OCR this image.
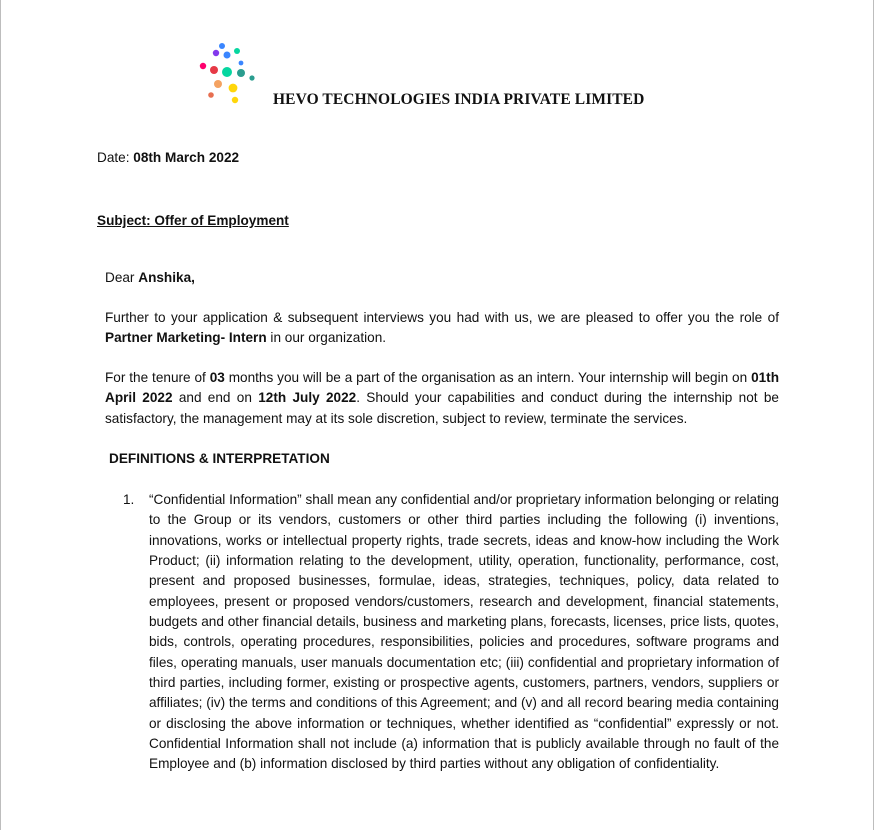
HEVO TECHNOLOGIES INDIA PRIVATE LIMITED
Date: 08th March 2022
Subject: Offer of Employment
Dear Anshika,
Further to your application & subsequent interviews you had with us, we are pleased to offer you the role of Partner Marketing- Intern in our organization.
For the tenure of 03 months you will be a part of the organisation as an intern. Your internship will begin on 01th April 2022 and end on 12th July 2022. Should your capabilities and conduct during the internship not be satisfactory, the management may at its sole discretion, subject to review, terminate the services.
DEFINITIONS & INTERPRETATION
1. “Confidential Information” shall mean any confidential and/or proprietary information belonging or relating to the Group or its vendors, customers or other third parties including the following (i) inventions, innovations, works or intellectual property rights, trade secrets, ideas and know-how including the Work Product; (ii) information relating to the development, utility, operation, functionality, performance, cost, present and proposed businesses, formulae, ideas, strategies, techniques, policy, data related to employees, present or proposed vendors/customers, research and development, financial statements, budgets and other financial details, business and marketing plans, forecasts, licenses, price lists, quotes, bids, controls, operating procedures, responsibilities, policies and procedures, software programs and files, operating manuals, user manuals documentation etc; (iii) confidential and proprietary information of third parties, including former, existing or prospective agents, customers, partners, vendors, suppliers or affiliates; (iv) the terms and conditions of this Agreement; and (v) and all record bearing media containing or disclosing the above information or techniques, whether identified as “confidential” expressly or not. Confidential Information shall not include (a) information that is publicly available through no fault of the Employee and (b) information disclosed by third parties without any obligation of confidentiality.
